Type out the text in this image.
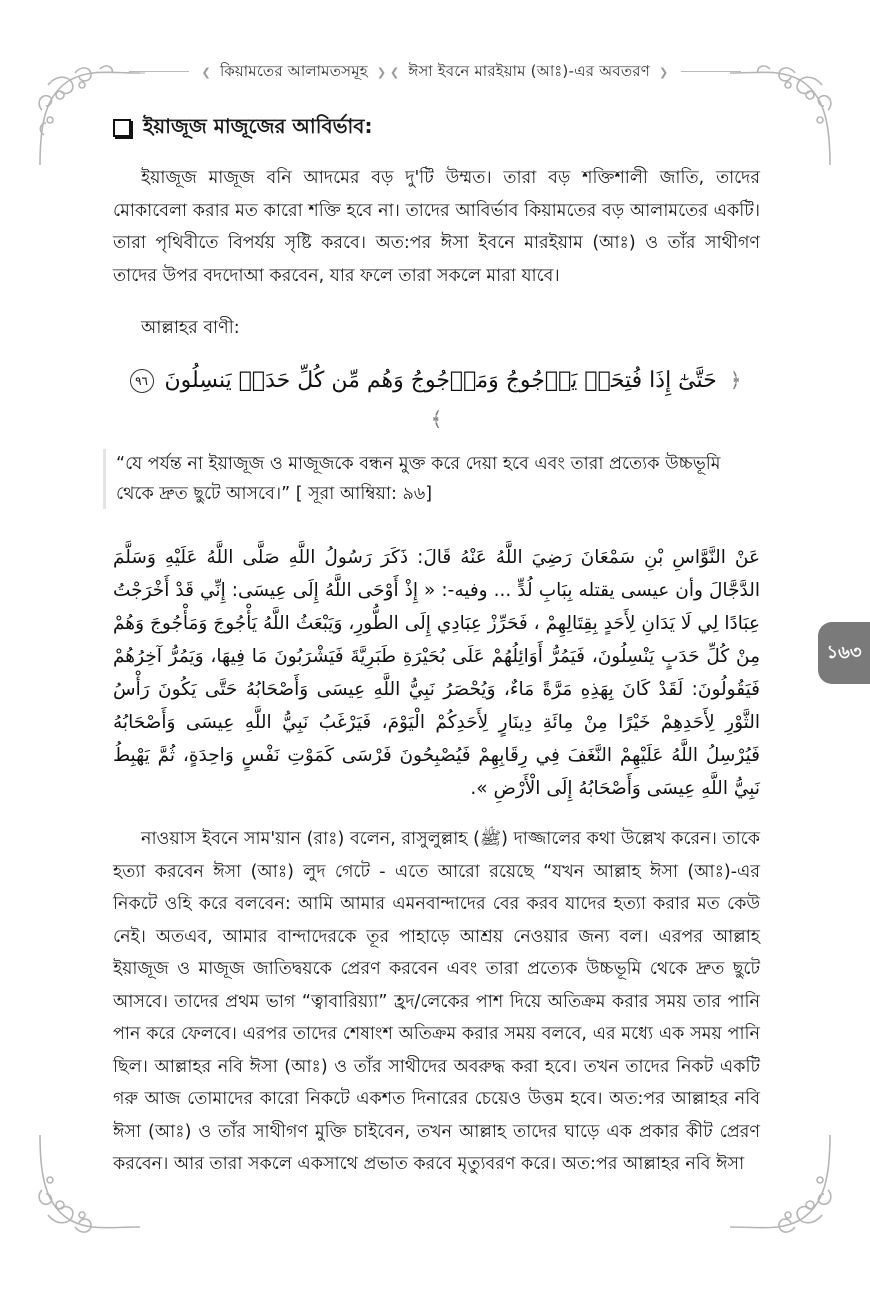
❮ কিয়ামতের আলামতসমূহ ❯ ❮ ঈসা ইবনে মারইয়াম (আঃ)-এর অবতরণ ❯
ইয়াজূজ মাজূজের আবির্ভাব:

ইয়াজূজ মাজূজ বনি আদমের বড় দু'টি উম্মত। তারা বড় শক্তিশালী জাতি, তাদের মোকাবেলা করার মত কারো শক্তি হবে না। তাদের আবির্ভাব কিয়ামতের বড় আলামতের একটি। তারা পৃথিবীতে বিপর্যয় সৃষ্টি করবে। অত:পর ঈসা ইবনে মারইয়াম (আঃ) ও তাঁর সাথীগণ তাদের উপর বদদোআ করবেন, যার ফলে তারা সকলে মারা যাবে।

আল্লাহর বাণী:

﴿ حَتَّىٰٓ إِذَا فُتِحَتۡ يَأۡجُوجُ وَمَأۡجُوجُ وَهُم مِّن كُلِّ حَدَبٖ يَنسِلُونَ ٩٦ ﴾

“যে পর্যন্ত না ইয়াজূজ ও মাজূজকে বন্ধন মুক্ত করে দেয়া হবে এবং তারা প্রত্যেক উচ্চভূমি থেকে দ্রুত ছুটে আসবে।” [ সূরা আম্বিয়া: ৯৬]

عَنْ النَّوَّاسِ بْنِ سَمْعَانَ رَضِيَ اللَّهُ عَنْهُ قَالَ: ذَكَرَ رَسُولُ اللَّهِ صَلَّى اللَّهُ عَلَيْهِ وَسَلَّمَ الدَّجَّالَ وأن عيسى يقتله بِبَابِ لُدٍّ ... وفيه-: « إِذْ أَوْحَى اللَّهُ إِلَى عِيسَى: إِنِّي قَدْ أَخْرَجْتُ عِبَادًا لِي لَا يَدَانِ لِأَحَدٍ بِقِتَالِهِمْ ، فَحَرِّزْ عِبَادِي إِلَى الطُّورِ، وَيَبْعَثُ اللَّهُ يَأْجُوجَ وَمَأْجُوجَ وَهُمْ مِنْ كُلِّ حَدَبٍ يَنْسِلُونَ، فَيَمُرُّ أَوَائِلُهُمْ عَلَى بُحَيْرَةِ طَبَرِيَّةَ فَيَشْرَبُونَ مَا فِيهَا، وَيَمُرُّ آخِرُهُمْ فَيَقُولُونَ: لَقَدْ كَانَ بِهَذِهِ مَرَّةً مَاءٌ، وَيُحْصَرُ نَبِيُّ اللَّهِ عِيسَى وَأَصْحَابُهُ حَتَّى يَكُونَ رَأْسُ الثَّوْرِ لِأَحَدِهِمْ خَيْرًا مِنْ مِائَةِ دِينَارٍ لِأَحَدِكُمْ الْيَوْمَ، فَيَرْغَبُ نَبِيُّ اللَّهِ عِيسَى وَأَصْحَابُهُ فَيُرْسِلُ اللَّهُ عَلَيْهِمْ النَّغَفَ فِي رِقَابِهِمْ فَيُصْبِحُونَ فَرْسَى كَمَوْتِ نَفْسٍ وَاحِدَةٍ، ثُمَّ يَهْبِطُ نَبِيُّ اللَّهِ عِيسَى وَأَصْحَابُهُ إِلَى الْأَرْضِ ».

নাওয়াস ইবনে সাম'য়ান (রাঃ) বলেন, রাসুলুল্লাহ (ﷺ) দাজ্জালের কথা উল্লেখ করেন। তাকে হত্যা করবেন ঈসা (আঃ) লুদ গেটে - এতে আরো রয়েছে “যখন আল্লাহ ঈসা (আঃ)-এর নিকটে ওহি করে বলবেন: আমি আমার এমনবান্দাদের বের করব যাদের হত্যা করার মত কেউ নেই। অতএব, আমার বান্দাদেরকে তূর পাহাড়ে আশ্রয় নেওয়ার জন্য বল। এরপর আল্লাহ ইয়াজূজ ও মাজূজ জাতিদ্বয়কে প্রেরণ করবেন এবং তারা প্রত্যেক উচ্চভূমি থেকে দ্রুত ছুটে আসবে। তাদের প্রথম ভাগ “ত্বাবারিয়্যা” হ্রদ/লেকের পাশ দিয়ে অতিক্রম করার সময় তার পানি পান করে ফেলবে। এরপর তাদের শেষাংশ অতিক্রম করার সময় বলবে, এর মধ্যে এক সময় পানি ছিল। আল্লাহর নবি ঈসা (আঃ) ও তাঁর সাথীদের অবরুদ্ধ করা হবে। তখন তাদের নিকট একটি গরু আজ তোমাদের কারো নিকটে একশত দিনারের চেয়েও উত্তম হবে। অত:পর আল্লাহর নবি ঈসা (আঃ) ও তাঁর সাথীগণ মুক্তি চাইবেন, তখন আল্লাহ তাদের ঘাড়ে এক প্রকার কীট প্রেরণ করবেন। আর তারা সকলে একসাথে প্রভাত করবে মৃত্যুবরণ করে। অত:পর আল্লাহর নবি ঈসা

১৬৩
